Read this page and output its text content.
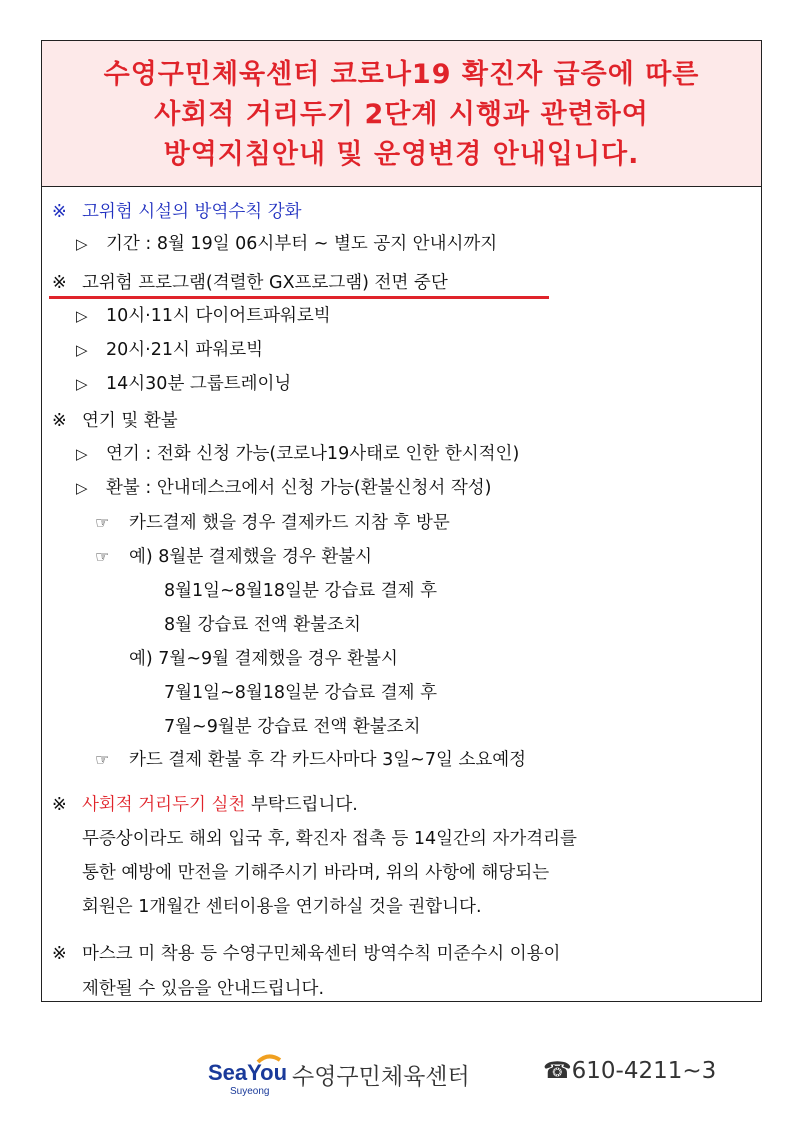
수영구민체육센터 코로나19 확진자 급증에 따른
사회적 거리두기 2단계 시행과 관련하여
방역지침안내 및 운영변경 안내입니다.
※ 고위험 시설의 방역수칙 강화
▷ 기간 : 8월 19일 06시부터 ~ 별도 공지 안내시까지
※ 고위험 프로그램(격렬한 GX프로그램) 전면 중단
▷ 10시·11시 다이어트파워로빅
▷ 20시·21시 파워로빅
▷ 14시30분 그룹트레이닝
※ 연기 및 환불
▷ 연기 : 전화 신청 가능(코로나19사태로 인한 한시적인)
▷ 환불 : 안내데스크에서 신청 가능(환불신청서 작성)
☞ 카드결제 했을 경우 결제카드 지참 후 방문
☞ 예) 8월분 결제했을 경우 환불시
8월1일~8월18일분 강습료 결제 후
8월 강습료 전액 환불조치
예) 7월~9월 결제했을 경우 환불시
7월1일~8월18일분 강습료 결제 후
7월~9월분 강습료 전액 환불조치
☞ 카드 결제 환불 후 각 카드사마다 3일~7일 소요예정
※ 사회적 거리두기 실천 부탁드립니다.
무증상이라도 해외 입국 후, 확진자 접촉 등 14일간의 자가격리를
통한 예방에 만전을 기해주시기 바라며, 위의 사항에 해당되는
회원은 1개월간 센터이용을 연기하실 것을 권합니다.
※ 마스크 미 착용 등 수영구민체육센터 방역수칙 미준수시 이용이
제한될 수 있음을 안내드립니다.
SeaYou
Suyeong
수영구민체육센터	☎610-4211~3
